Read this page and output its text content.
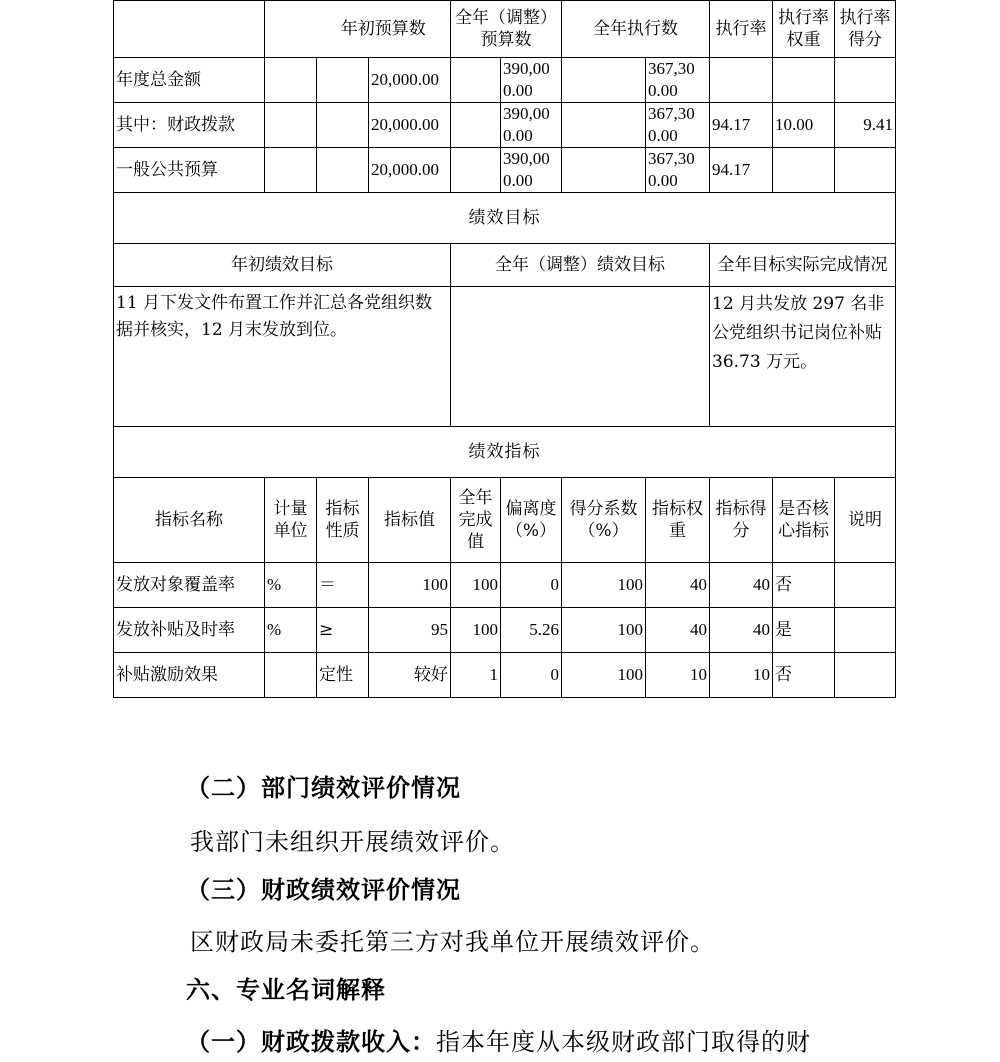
		年初预算数		全年（调整）预算数		全年执行数		执行率	执行率权重	执行率得分
年度总金额			20,000.00		390,000.00		367,300.00			
其中：财政拨款			20,000.00		390,000.00		367,300.00	94.17	10.00	9.41
一般公共预算			20,000.00		390,000.00		367,300.00	94.17		
绩效目标										
年初绩效目标				全年（调整）绩效目标				全年目标实际完成情况		
11 月下发文件布置工作并汇总各党组织数据并核实，12 月末发放到位。								12 月共发放 297 名非公党组织书记岗位补贴 36.73 万元。		
绩效指标										
指标名称	计量单位	指标性质	指标值	全年完成值	偏离度（%）	得分系数（%）	指标权重	指标得分	是否核心指标	说明
发放对象覆盖率	%	＝	100	100	0	100	40	40	否	
发放补贴及时率	%	≥	95	100	5.26	100	40	40	是	
补贴激励效果		定性	较好	1	0	100	10	10	否	
（二）部门绩效评价情况
我部门未组织开展绩效评价。
（三）财政绩效评价情况
区财政局未委托第三方对我单位开展绩效评价。
六、专业名词解释
（一）财政拨款收入：指本年度从本级财政部门取得的财
